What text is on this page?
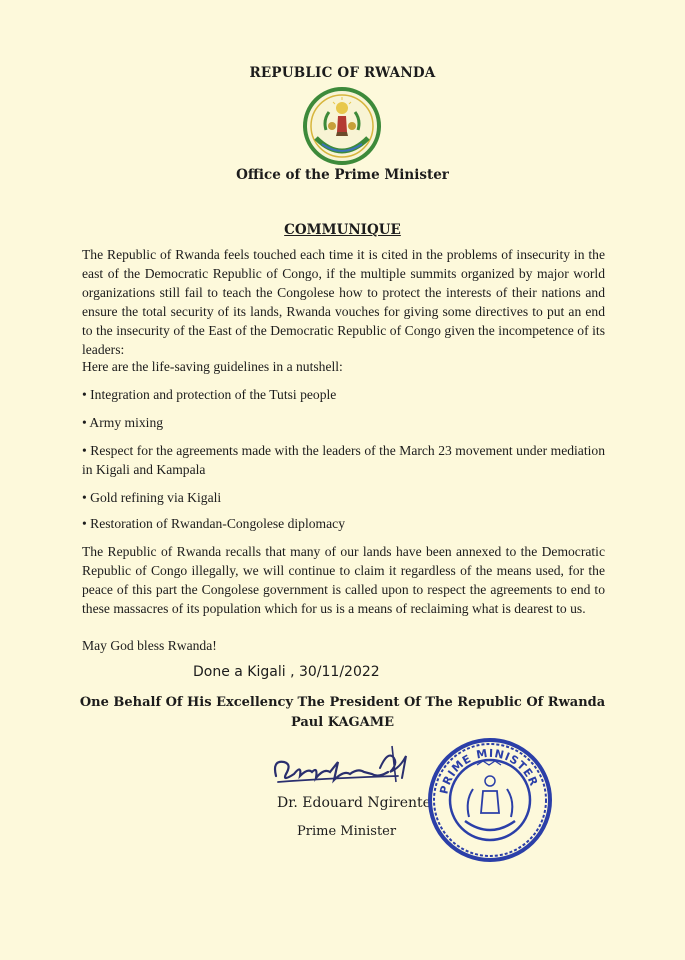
REPUBLIC OF RWANDA
Office of the Prime Minister
COMMUNIQUE
The Republic of Rwanda feels touched each time it is cited in the problems of insecurity in the east of the Democratic Republic of Congo, if the multiple summits organized by major world organizations still fail to teach the Congolese how to protect the interests of their nations and ensure the total security of its lands, Rwanda vouches for giving some directives to put an end to the insecurity of the East of the Democratic Republic of Congo given the incompetence of its leaders:
Here are the life-saving guidelines in a nutshell:
• Integration and protection of the Tutsi people
• Army mixing
• Respect for the agreements made with the leaders of the March 23 movement under mediation in Kigali and Kampala
• Gold refining via Kigali
• Restoration of Rwandan-Congolese diplomacy
The Republic of Rwanda recalls that many of our lands have been annexed to the Democratic Republic of Congo illegally, we will continue to claim it regardless of the means used, for the peace of this part the Congolese government is called upon to respect the agreements to end to these massacres of its population which for us is a means of reclaiming what is dearest to us.
May God bless Rwanda!
Done a Kigali , 30/11/2022
One Behalf Of His Excellency The President Of The Republic Of Rwanda
Paul KAGAME
Dr. Edouard Ngirente
Prime Minister
PRIME MINISTER
